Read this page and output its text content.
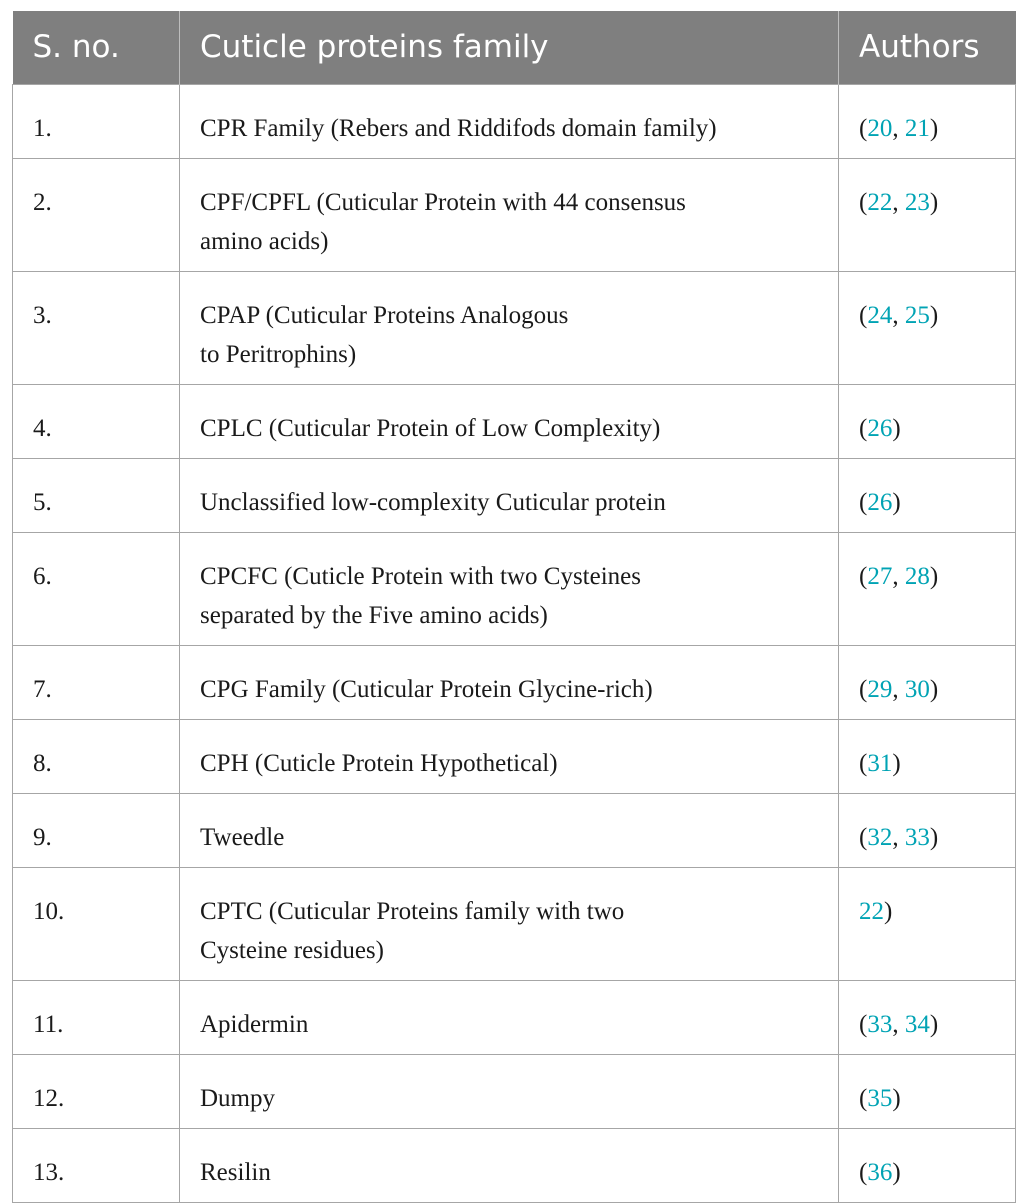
S. no.	Cuticle proteins family	Authors
1.	CPR Family (Rebers and Riddifods domain family)	(20, 21)
2.	CPF/CPFL (Cuticular Protein with 44 consensus
amino acids)	(22, 23)
3.	CPAP (Cuticular Proteins Analogous
to Peritrophins)	(24, 25)
4.	CPLC (Cuticular Protein of Low Complexity)	(26)
5.	Unclassified low-complexity Cuticular protein	(26)
6.	CPCFC (Cuticle Protein with two Cysteines
separated by the Five amino acids)	(27, 28)
7.	CPG Family (Cuticular Protein Glycine-rich)	(29, 30)
8.	CPH (Cuticle Protein Hypothetical)	(31)
9.	Tweedle	(32, 33)
10.	CPTC (Cuticular Proteins family with two
Cysteine residues)	22)
11.	Apidermin	(33, 34)
12.	Dumpy	(35)
13.	Resilin	(36)
